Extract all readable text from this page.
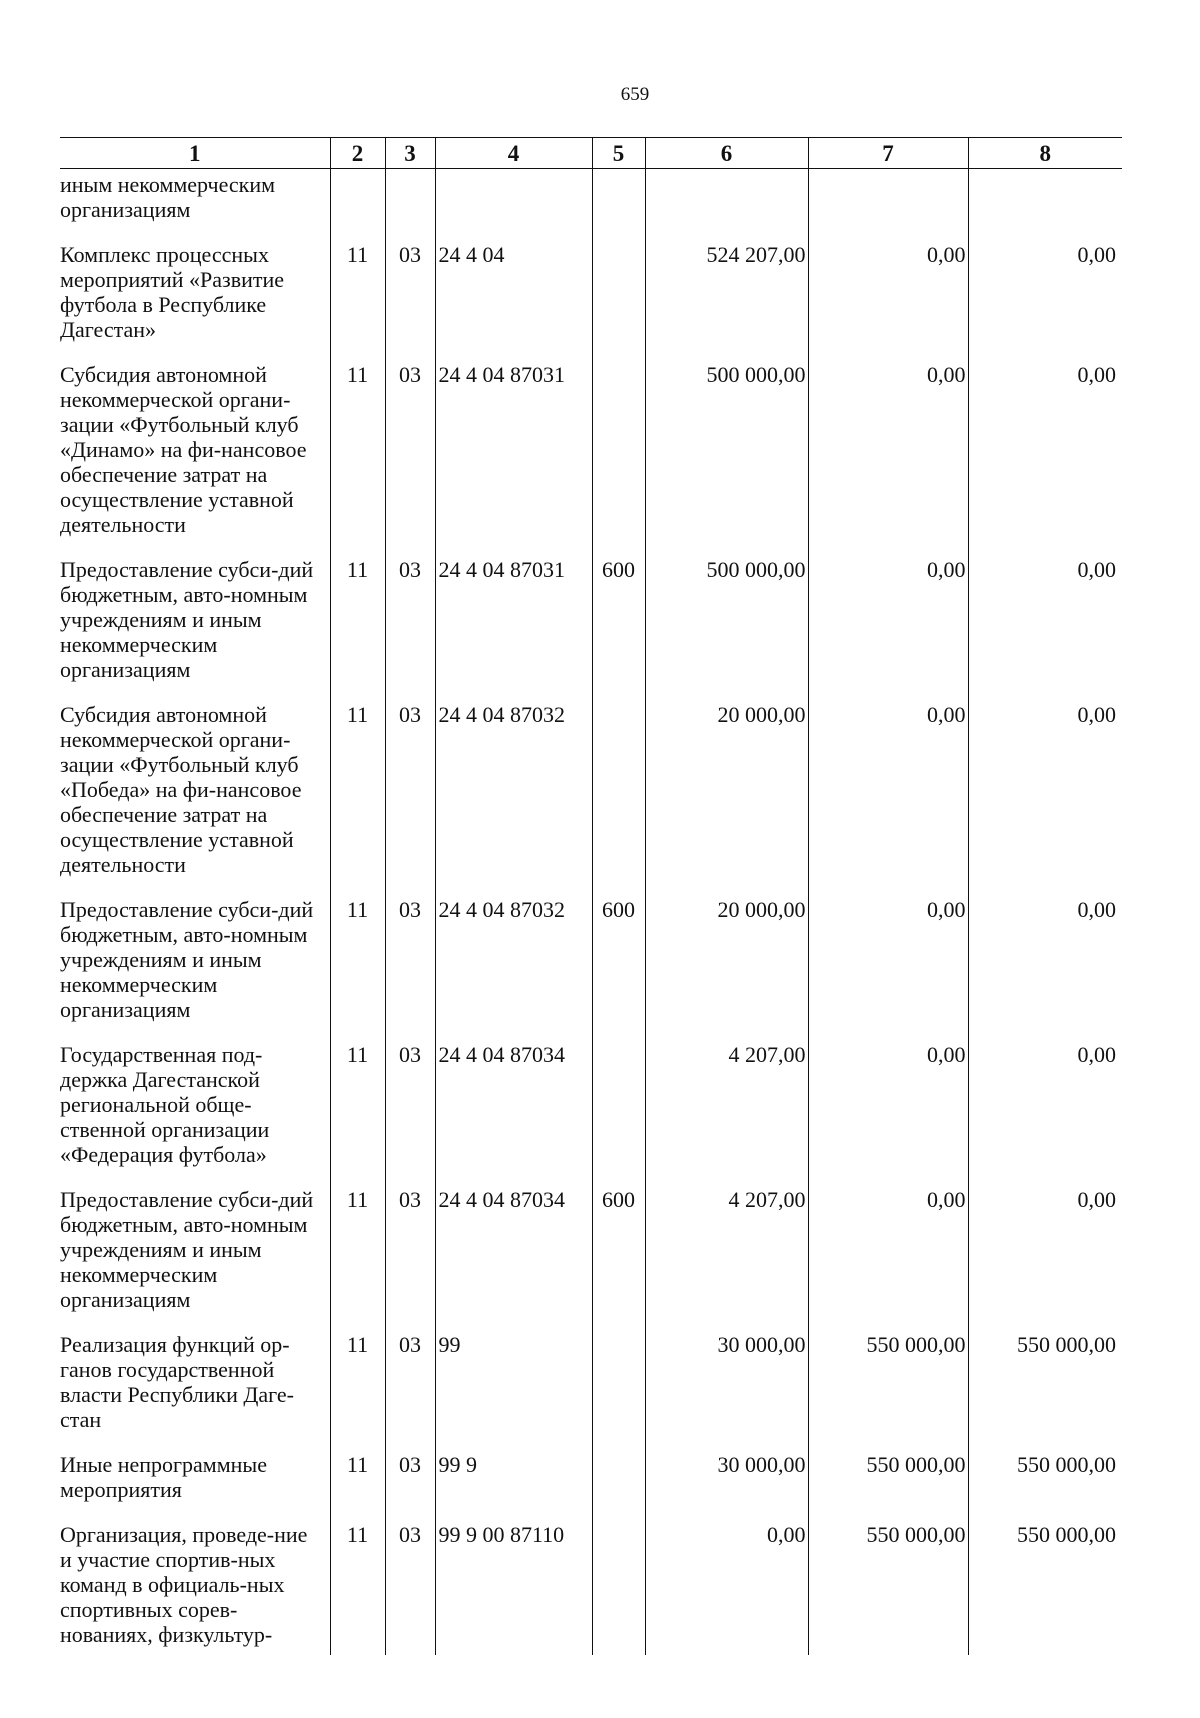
659
1	2	3	4	5	6	7	8
иным некоммерческим организациям							
Комплекс процессных мероприятий «Развитие футбола в Республике Дагестан»	11	03	24 4 04		524 207,00	0,00	0,00
Субсидия автономной некоммерческой органи-зации «Футбольный клуб «Динамо» на фи-нансовое обеспечение затрат на осуществление уставной деятельности	11	03	24 4 04 87031		500 000,00	0,00	0,00
Предоставление субси-дий бюджетным, авто-номным учреждениям и иным некоммерческим организациям	11	03	24 4 04 87031	600	500 000,00	0,00	0,00
Субсидия автономной некоммерческой органи-зации «Футбольный клуб «Победа» на фи-нансовое обеспечение затрат на осуществление уставной деятельности	11	03	24 4 04 87032		20 000,00	0,00	0,00
Предоставление субси-дий бюджетным, авто-номным учреждениям и иным некоммерческим организациям	11	03	24 4 04 87032	600	20 000,00	0,00	0,00
Государственная под-держка Дагестанской региональной обще-ственной организации «Федерация футбола»	11	03	24 4 04 87034		4 207,00	0,00	0,00
Предоставление субси-дий бюджетным, авто-номным учреждениям и иным некоммерческим организациям	11	03	24 4 04 87034	600	4 207,00	0,00	0,00
Реализация функций ор-ганов государственной власти Республики Даге-стан	11	03	99		30 000,00	550 000,00	550 000,00
Иные непрограммные мероприятия	11	03	99 9		30 000,00	550 000,00	550 000,00
Организация, проведе-ние и участие спортив-ных команд в официаль-ных спортивных сорев-нованиях, физкультур-	11	03	99 9 00 87110		0,00	550 000,00	550 000,00
